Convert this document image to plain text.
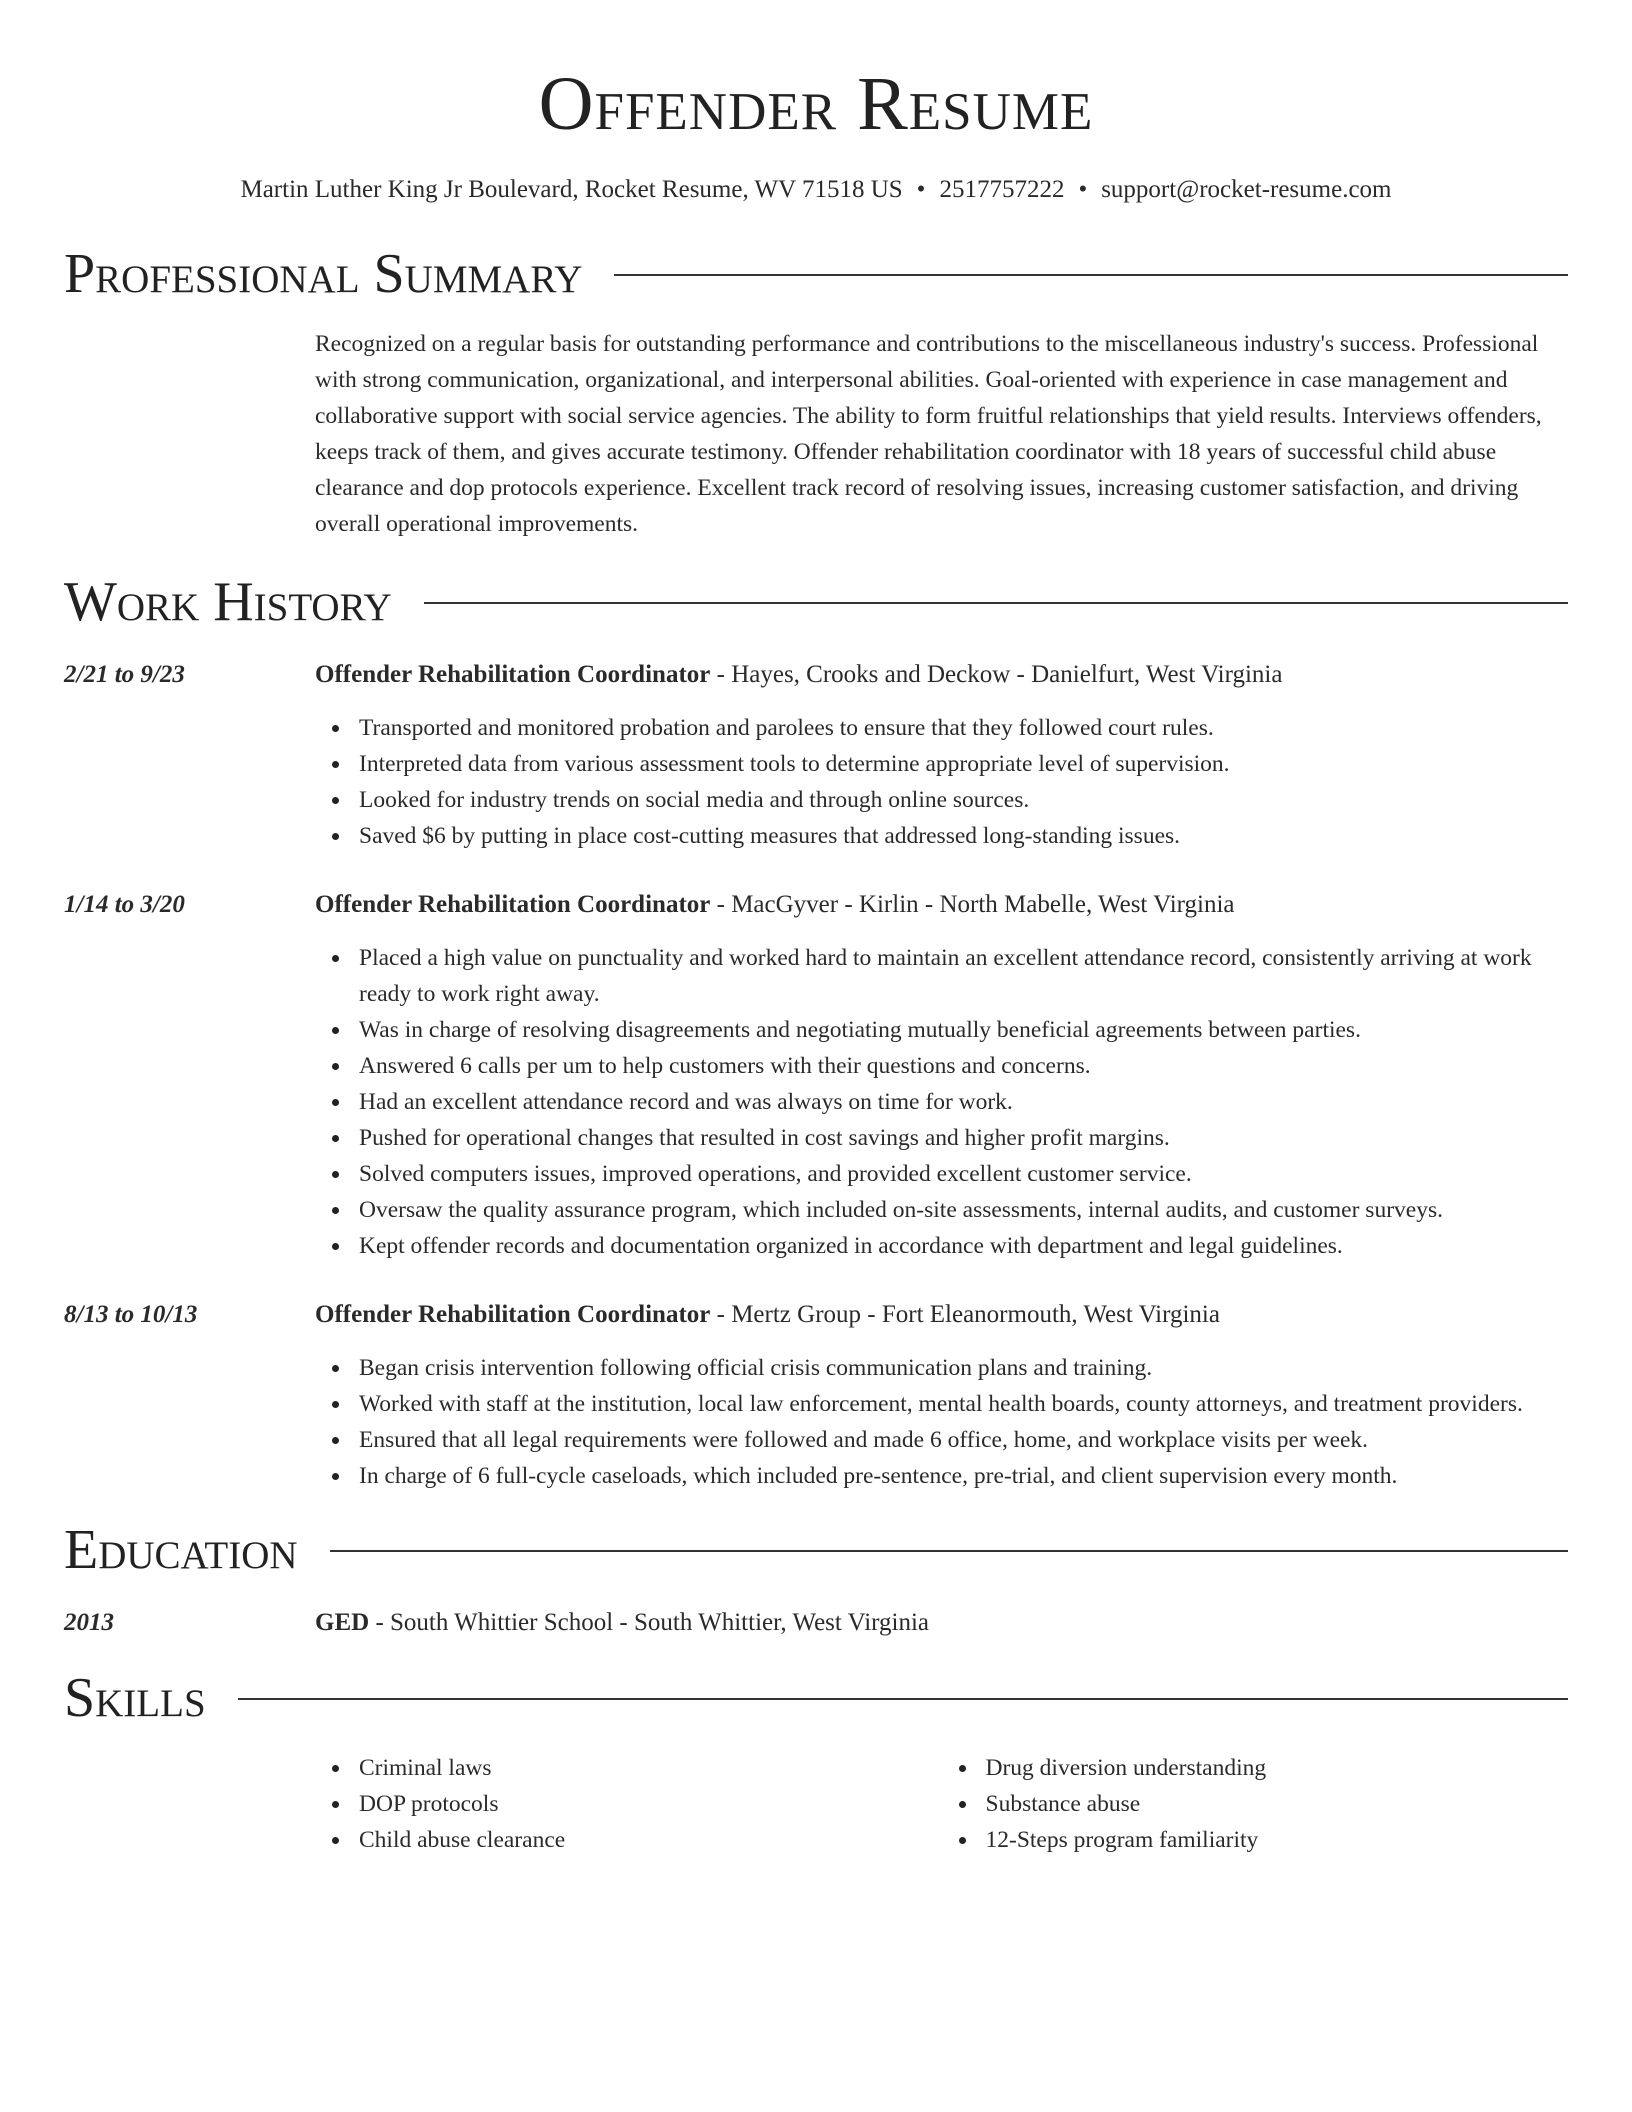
Offender Resume
Martin Luther King Jr Boulevard, Rocket Resume, WV 71518 US • 2517757222 • support@rocket-resume.com
Professional Summary
Recognized on a regular basis for outstanding performance and contributions to the miscellaneous industry's success. Professional with strong communication, organizational, and interpersonal abilities. Goal-oriented with experience in case management and collaborative support with social service agencies. The ability to form fruitful relationships that yield results. Interviews offenders, keeps track of them, and gives accurate testimony. Offender rehabilitation coordinator with 18 years of successful child abuse clearance and dop protocols experience. Excellent track record of resolving issues, increasing customer satisfaction, and driving overall operational improvements.
Work History
2/21 to 9/23	Offender Rehabilitation Coordinator - Hayes, Crooks and Deckow - Danielfurt, West Virginia
Transported and monitored probation and parolees to ensure that they followed court rules.
Interpreted data from various assessment tools to determine appropriate level of supervision.
Looked for industry trends on social media and through online sources.
Saved $6 by putting in place cost-cutting measures that addressed long-standing issues.
1/14 to 3/20	Offender Rehabilitation Coordinator - MacGyver - Kirlin - North Mabelle, West Virginia
Placed a high value on punctuality and worked hard to maintain an excellent attendance record, consistently arriving at work ready to work right away.
Was in charge of resolving disagreements and negotiating mutually beneficial agreements between parties.
Answered 6 calls per um to help customers with their questions and concerns.
Had an excellent attendance record and was always on time for work.
Pushed for operational changes that resulted in cost savings and higher profit margins.
Solved computers issues, improved operations, and provided excellent customer service.
Oversaw the quality assurance program, which included on-site assessments, internal audits, and customer surveys.
Kept offender records and documentation organized in accordance with department and legal guidelines.
8/13 to 10/13	Offender Rehabilitation Coordinator - Mertz Group - Fort Eleanormouth, West Virginia
Began crisis intervention following official crisis communication plans and training.
Worked with staff at the institution, local law enforcement, mental health boards, county attorneys, and treatment providers.
Ensured that all legal requirements were followed and made 6 office, home, and workplace visits per week.
In charge of 6 full-cycle caseloads, which included pre-sentence, pre-trial, and client supervision every month.
Education
2013	GED - South Whittier School - South Whittier, West Virginia
Skills
Criminal laws
DOP protocols
Child abuse clearance
Drug diversion understanding
Substance abuse
12-Steps program familiarity
